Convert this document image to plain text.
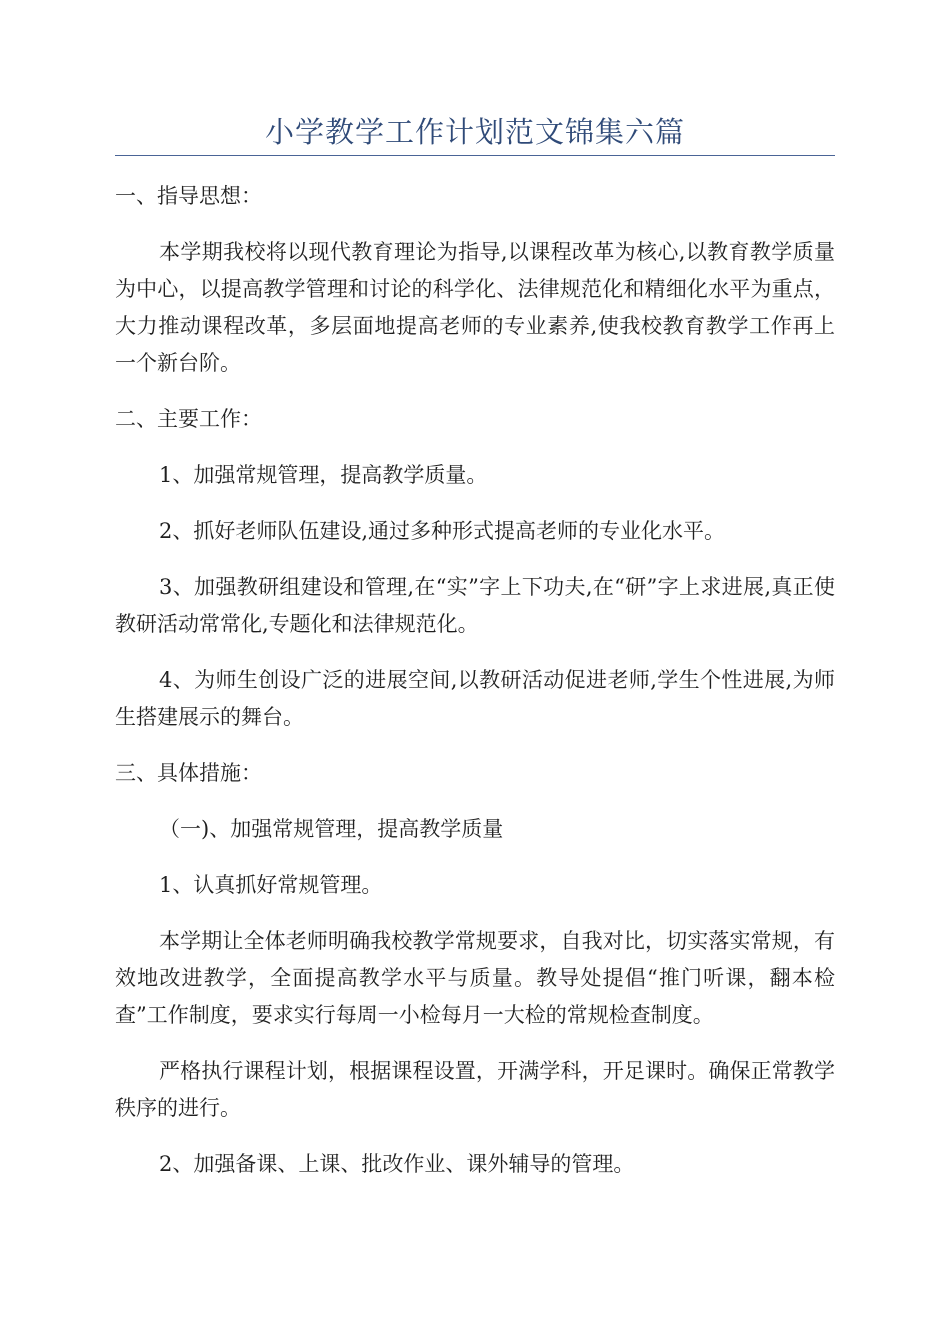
小学教学工作计划范文锦集六篇

一、指导思想：

本学期我校将以现代教育理论为指导,以课程改革为核心,以教育教学质量为中心，以提高教学管理和讨论的科学化、法律规范化和精细化水平为重点，大力推动课程改革，多层面地提高老师的专业素养,使我校教育教学工作再上一个新台阶。

二、主要工作：

1、加强常规管理，提高教学质量。

2、抓好老师队伍建设,通过多种形式提高老师的专业化水平。

3、加强教研组建设和管理,在“实”字上下功夫,在“研”字上求进展,真正使教研活动常常化,专题化和法律规范化。

4、为师生创设广泛的进展空间,以教研活动促进老师,学生个性进展,为师生搭建展示的舞台。

三、具体措施：

（一)、加强常规管理，提高教学质量

1、认真抓好常规管理。

本学期让全体老师明确我校教学常规要求，自我对比，切实落实常规，有效地改进教学，全面提高教学水平与质量。教导处提倡“推门听课，翻本检查”工作制度，要求实行每周一小检每月一大检的常规检查制度。

严格执行课程计划，根据课程设置，开满学科，开足课时。确保正常教学秩序的进行。

2、加强备课、上课、批改作业、课外辅导的管理。
